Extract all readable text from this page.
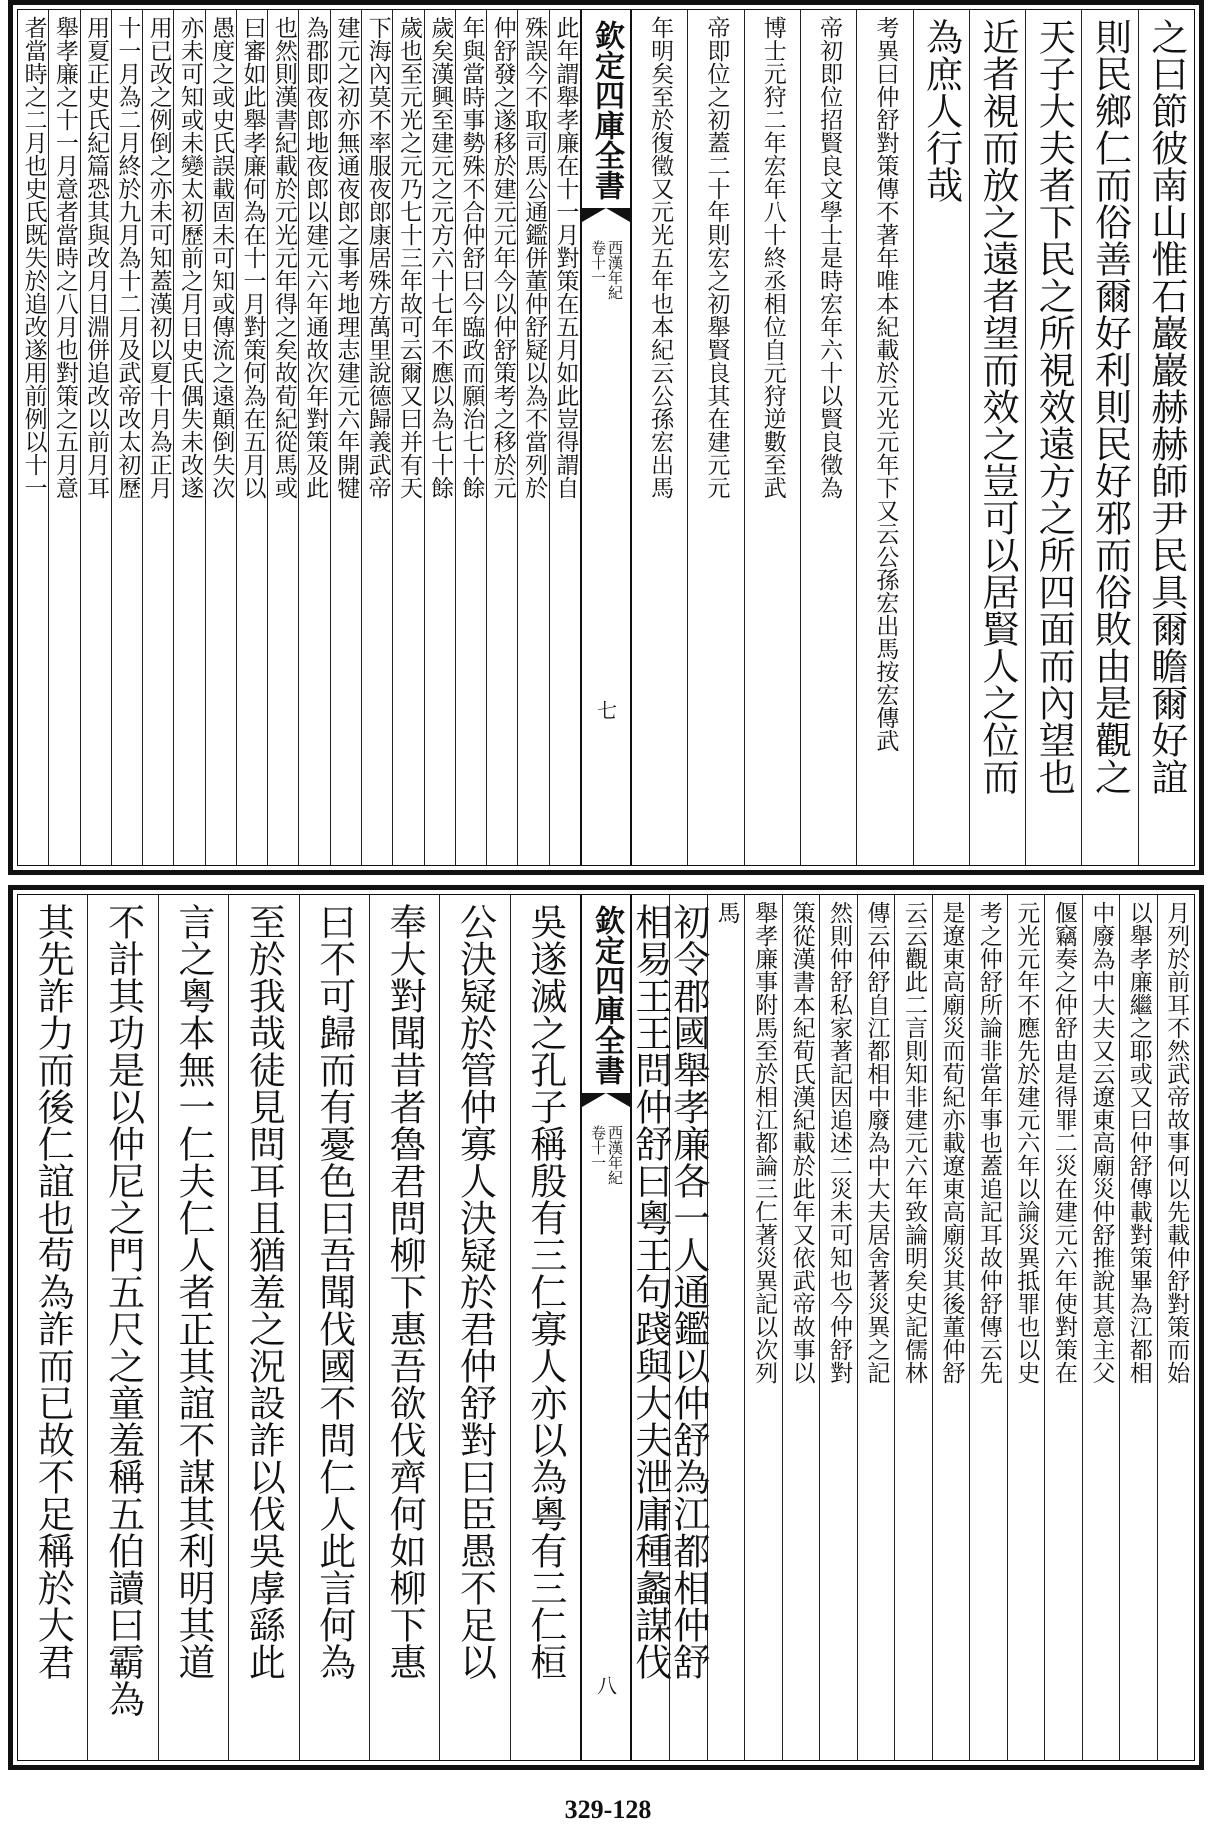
之曰節彼南山惟石巖巖赫赫師尹民具爾瞻爾好誼
則民鄉仁而俗善爾好利則民好邪而俗敗由是觀之
天子大夫者下民之所視效遠方之所四面而內望也
近者視而放之遠者望而效之豈可以居賢人之位而
為庶人行哉
考異曰仲舒對策傳不著年唯本紀載於元光元年下又云公孫宏出馬按宏傳武
帝初即位招賢良文學士是時宏年六十以賢良徵為
博士元狩二年宏年八十終丞相位自元狩逆數至武
帝即位之初蓋二十年則宏之初舉賢良其在建元元
年明矣至於復徵又元光五年也本紀云公孫宏出馬
欽定四庫全書
西漢年紀
卷十一
七
此年謂舉孝廉在十一月對策在五月如此豈得謂自
殊誤今不取司馬公通鑑併董仲舒疑以為不當列於
仲舒發之遂移於建元元年今以仲舒策考之移於元
年與當時事勢殊不合仲舒曰今臨政而願治七十餘
歲矣漢興至建元之元方六十七年不應以為七十餘
歲也至元光之元乃七十三年故可云爾又曰并有天
下海內莫不率服夜郎康居殊方萬里說德歸義武帝
建元之初亦無通夜郎之事考地理志建元六年開犍
為郡即夜郎地夜郎以建元六年通故次年對策及此
也然則漢書紀載於元光元年得之矣故荀紀從馬或
曰審如此舉孝廉何為在十一月對策何為在五月以
愚度之或史氏誤載固未可知或傳流之遠顛倒失次
亦未可知或未變太初歷前之月日史氏偶失未改遂
用已改之例倒之亦未可知蓋漢初以夏十月為正月
十一月為二月終於九月為十二月及武帝改太初歷
用夏正史氏紀篇恐其與改月日淵併追改以前月耳
舉孝廉之十一月意者當時之八月也對策之五月意
者當時之二月也史氏既失於追改遂用前例以十一
月列於前耳不然武帝故事何以先載仲舒對策而始
以舉孝廉繼之耶或又曰仲舒傳載對策畢為江都相
中廢為中大夫又云遼東高廟災仲舒推說其意主父
偃竊奏之仲舒由是得罪二災在建元六年使對策在
元光元年不應先於建元六年以論災異抵罪也以史
考之仲舒所論非當年事也蓋追記耳故仲舒傳云先
是遼東高廟災而荀紀亦載遼東高廟災其後董仲舒
云云觀此二言則知非建元六年致論明矣史記儒林
傳云仲舒自江都相中廢為中大夫居舍著災異之記
然則仲舒私家著記因追述二災未可知也今仲舒對
策從漢書本紀荀氏漢紀載於此年又依武帝故事以
舉孝廉事附馬至於相江都論三仁著災異記以次列
馬
初令郡國舉孝廉各一人通鑑以仲舒為江都相仲舒
相易王王問仲舒曰粵王句踐與大夫泄庸種蠡謀伐
欽定四庫全書
西漢年紀
卷十一
八
吳遂滅之孔子稱殷有三仁寡人亦以為粵有三仁桓
公決疑於管仲寡人決疑於君仲舒對曰臣愚不足以
奉大對聞昔者魯君問柳下惠吾欲伐齊何如柳下惠
曰不可歸而有憂色曰吾聞伐國不問仁人此言何為
至於我哉徒見問耳且猶羞之況設詐以伐吳虖繇此
言之粵本無一仁夫仁人者正其誼不謀其利明其道
不計其功是以仲尼之門五尺之童羞稱五伯讀曰霸為
其先詐力而後仁誼也苟為詐而已故不足稱於大君
329-128
